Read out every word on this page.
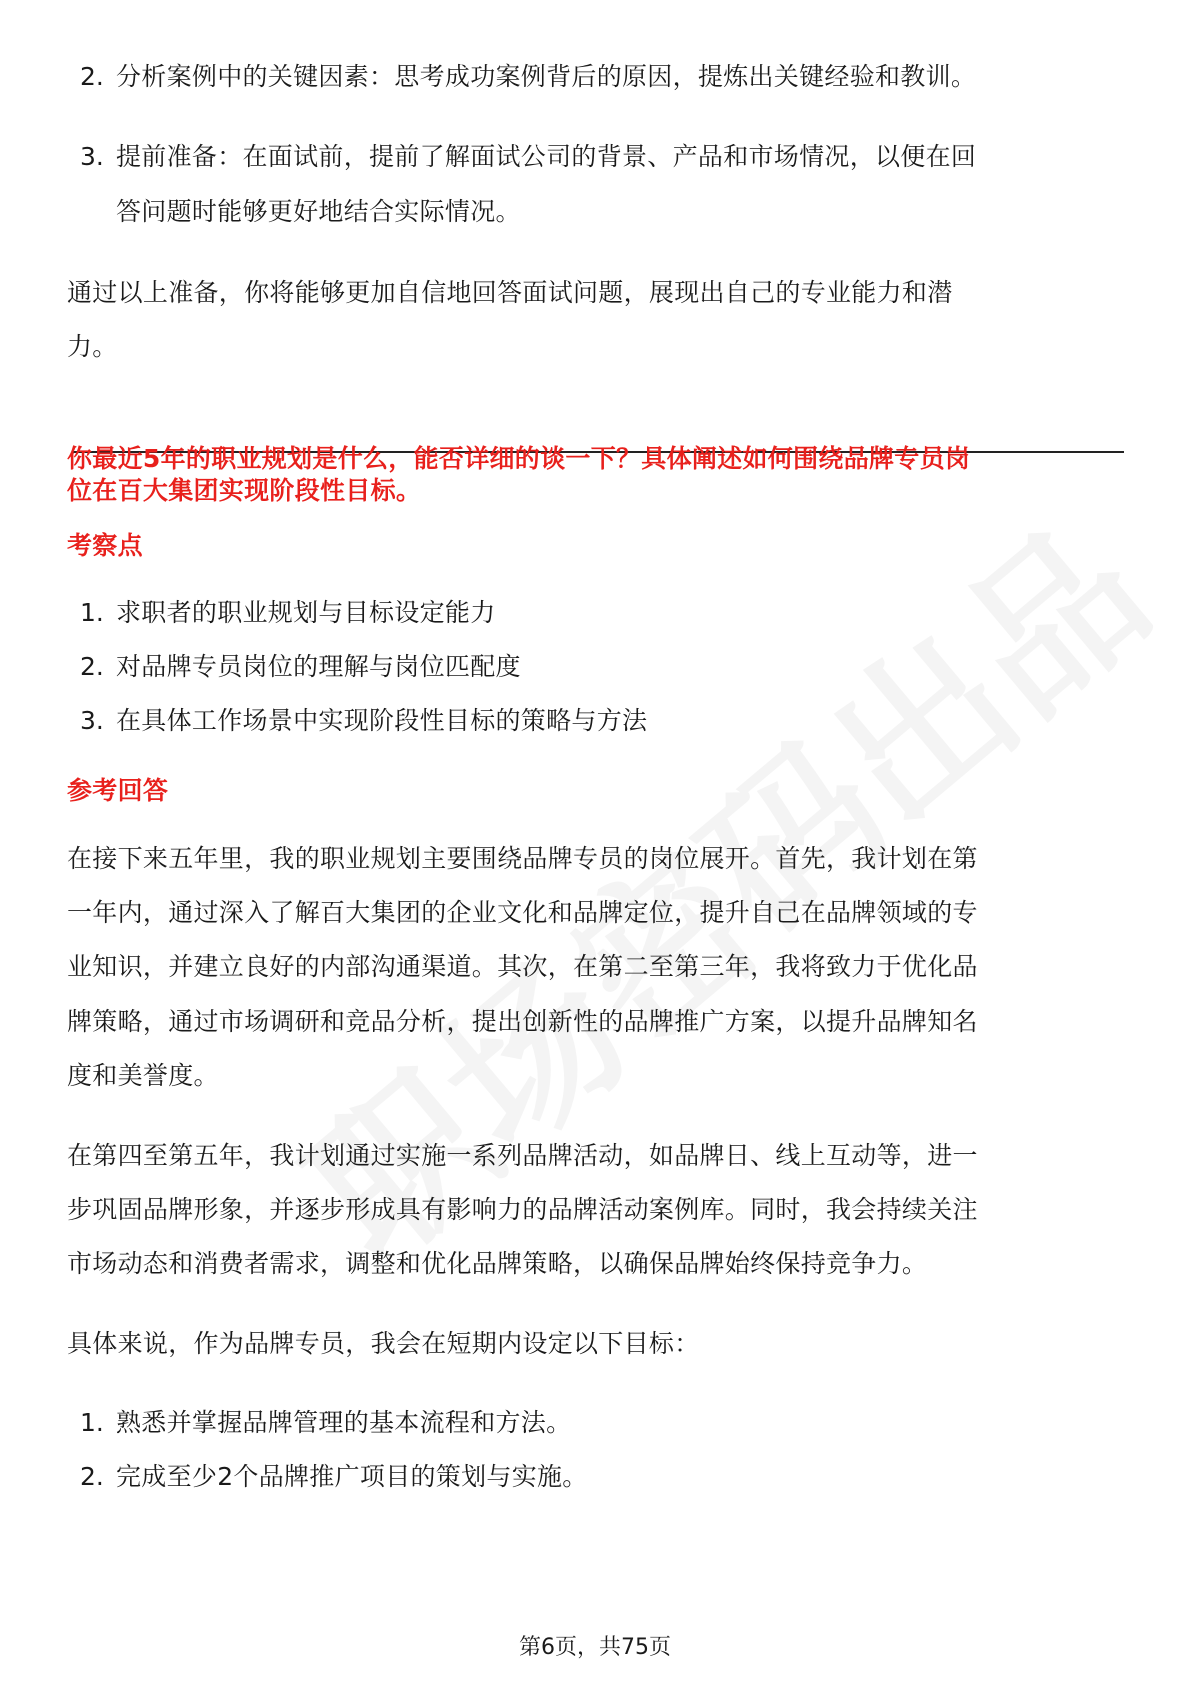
2. 分析案例中的关键因素：思考成功案例背后的原因，提炼出关键经验和教训。
3. 提前准备：在面试前，提前了解面试公司的背景、产品和市场情况，以便在回
答问题时能够更好地结合实际情况。
通过以上准备，你将能够更加自信地回答面试问题，展现出自己的专业能力和潜
力。
你最近5年的职业规划是什么，能否详细的谈一下？具体阐述如何围绕品牌专员岗
位在百大集团实现阶段性目标。
考察点
1. 求职者的职业规划与目标设定能力
2. 对品牌专员岗位的理解与岗位匹配度
3. 在具体工作场景中实现阶段性目标的策略与方法
参考回答
在接下来五年里，我的职业规划主要围绕品牌专员的岗位展开。首先，我计划在第
一年内，通过深入了解百大集团的企业文化和品牌定位，提升自己在品牌领域的专
业知识，并建立良好的内部沟通渠道。其次，在第二至第三年，我将致力于优化品
牌策略，通过市场调研和竞品分析，提出创新性的品牌推广方案，以提升品牌知名
度和美誉度。
在第四至第五年，我计划通过实施一系列品牌活动，如品牌日、线上互动等，进一
步巩固品牌形象，并逐步形成具有影响力的品牌活动案例库。同时，我会持续关注
市场动态和消费者需求，调整和优化品牌策略，以确保品牌始终保持竞争力。
具体来说，作为品牌专员，我会在短期内设定以下目标：
1. 熟悉并掌握品牌管理的基本流程和方法。
2. 完成至少2个品牌推广项目的策划与实施。
第6页，共75页
